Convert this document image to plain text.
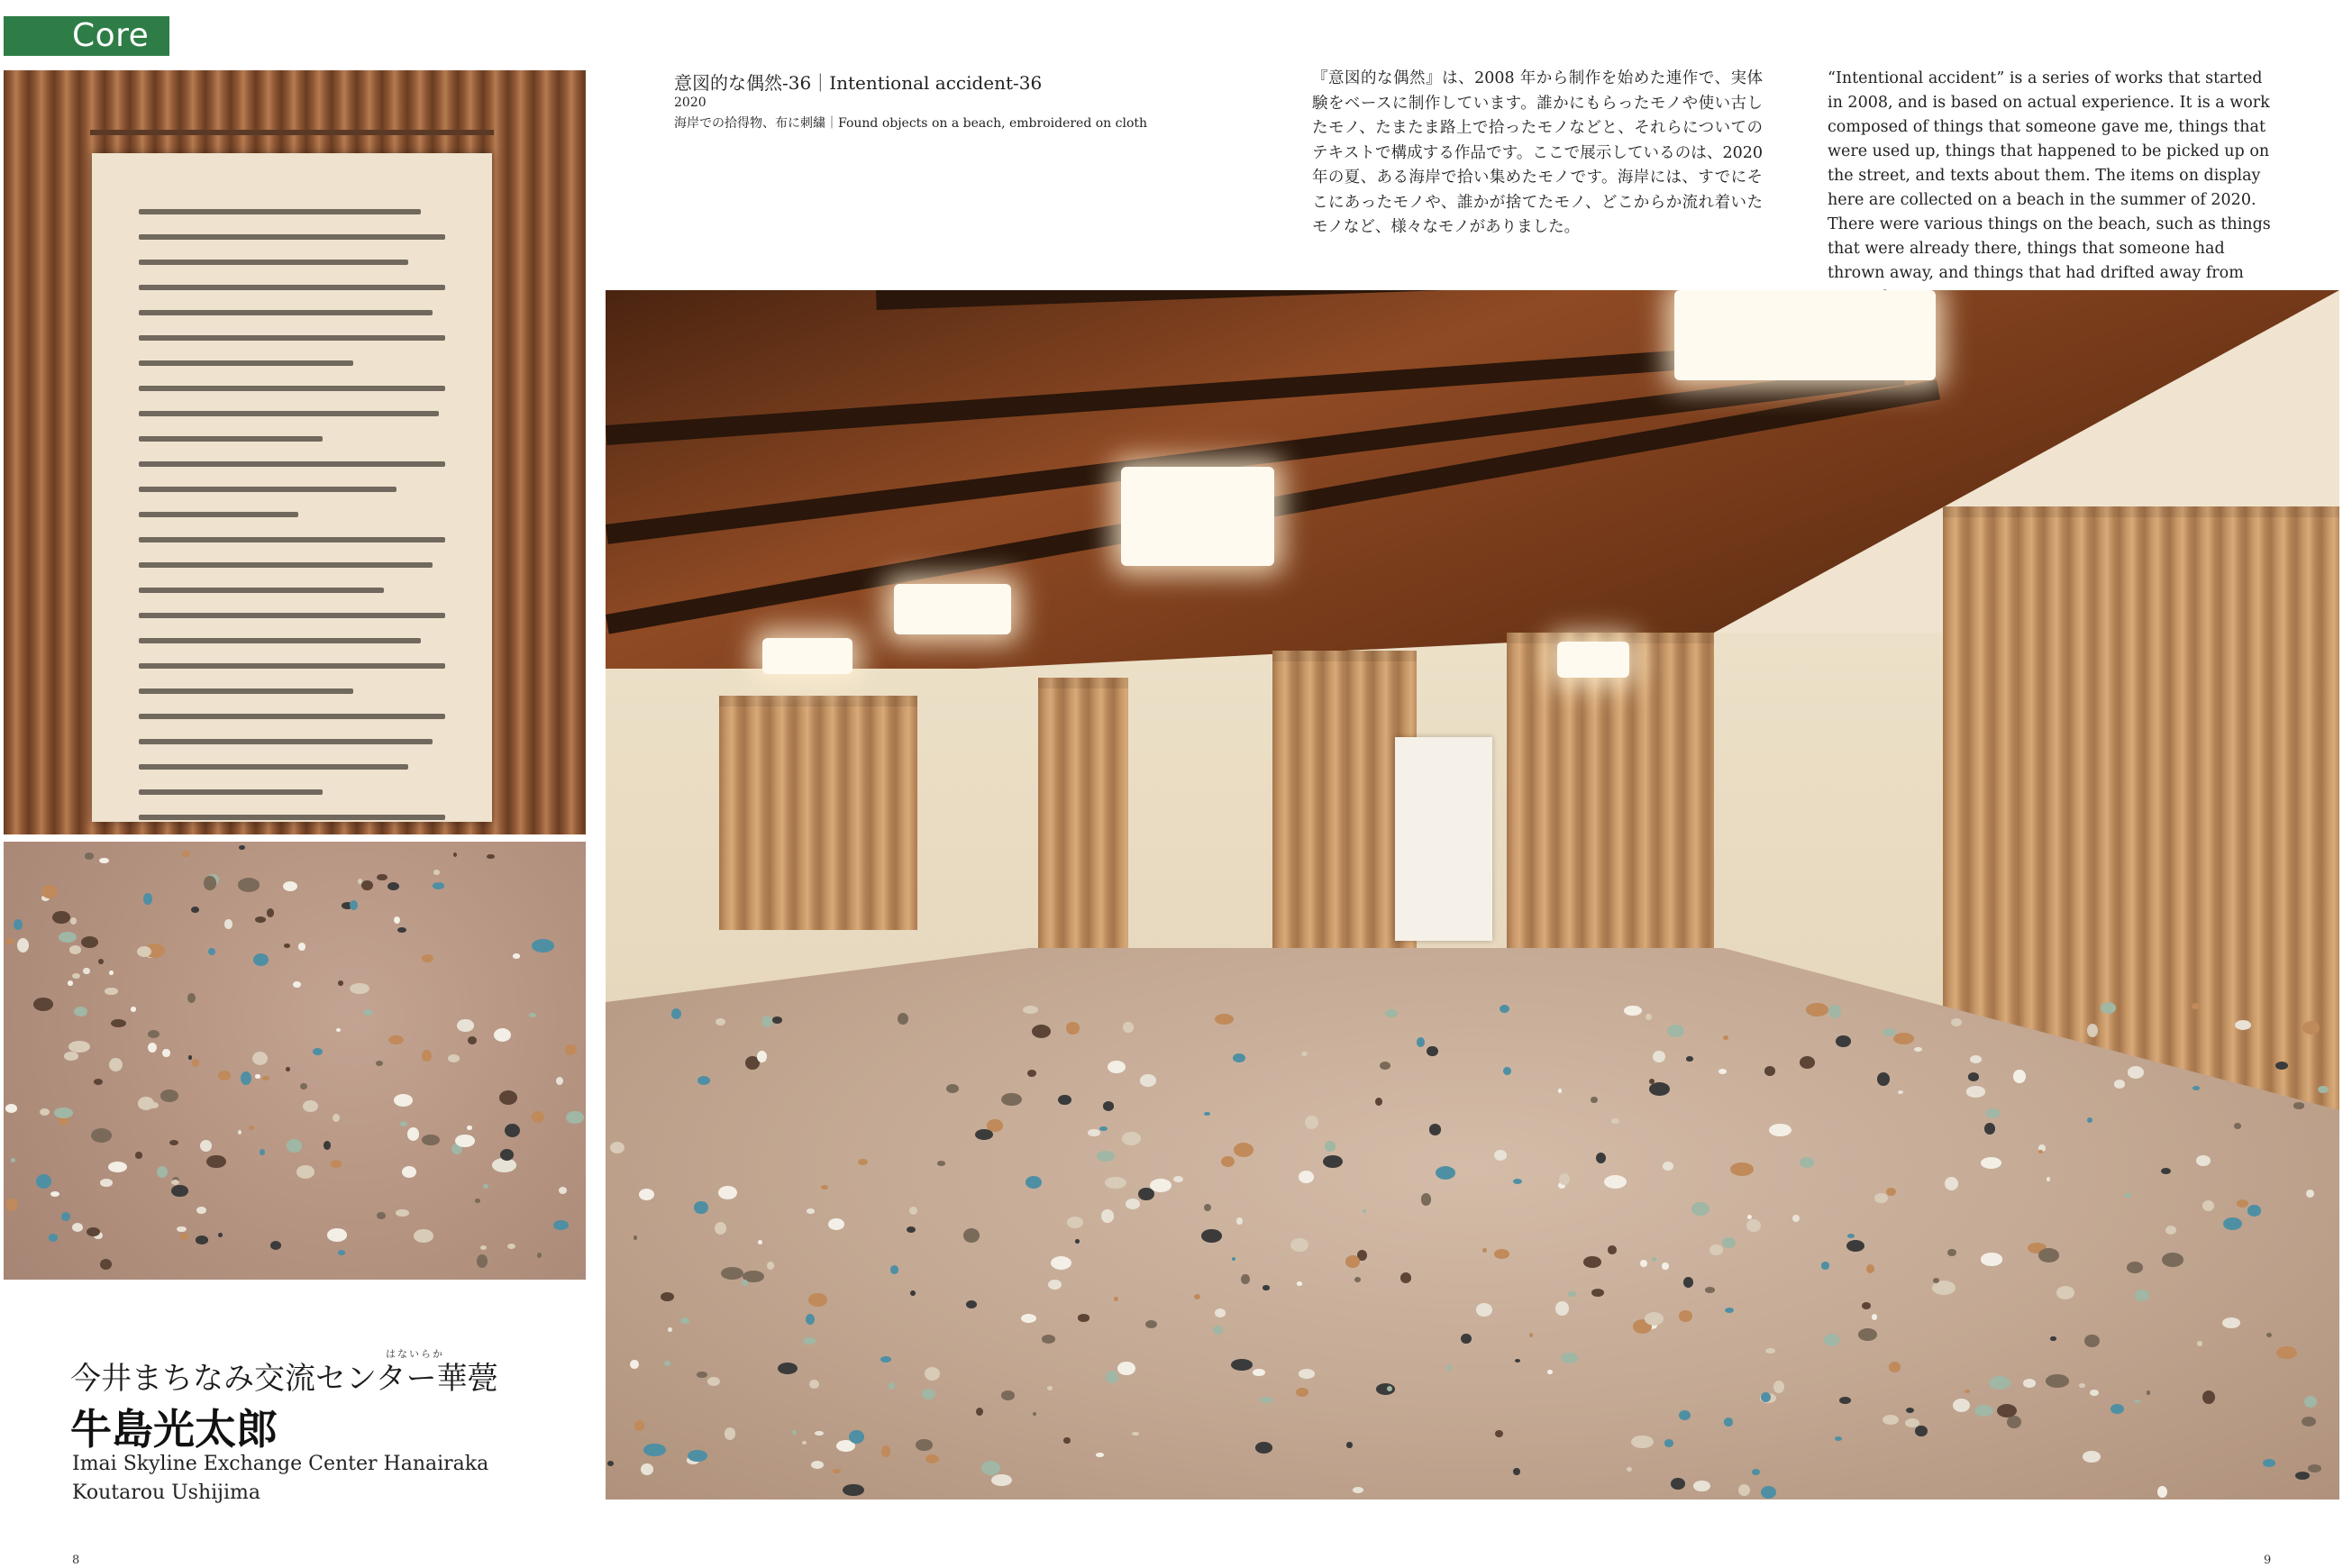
Core
意図的な偶然-36｜Intentional accident-36
2020
海岸での拾得物、布に刺繍｜Found objects on a beach, embroidered on cloth
『意図的な偶然』は、2008 年から制作を始めた連作で、実体験をベースに制作しています。誰かにもらったモノや使い古したモノ、たまたま路上で拾ったモノなどと、それらについてのテキストで構成する作品です。ここで展示しているのは、2020年の夏、ある海岸で拾い集めたモノです。海岸には、すでにそこにあったモノや、誰かが捨てたモノ、どこからか流れ着いたモノなど、様々なモノがありました。
“Intentional accident” is a series of works that started in 2008, and is based on actual experience. It is a work composed of things that someone gave me, things that were used up, things that happened to be picked up on the street, and texts about them. The items on display here are collected on a beach in the summer of 2020. There were various things on the beach, such as things that were already there, things that someone had thrown away, and things that had drifted away from
はないらか
今井まちなみ交流センター華甍
牛島光太郎
Imai Skyline Exchange Center Hanairaka
Koutarou Ushijima
8	9
